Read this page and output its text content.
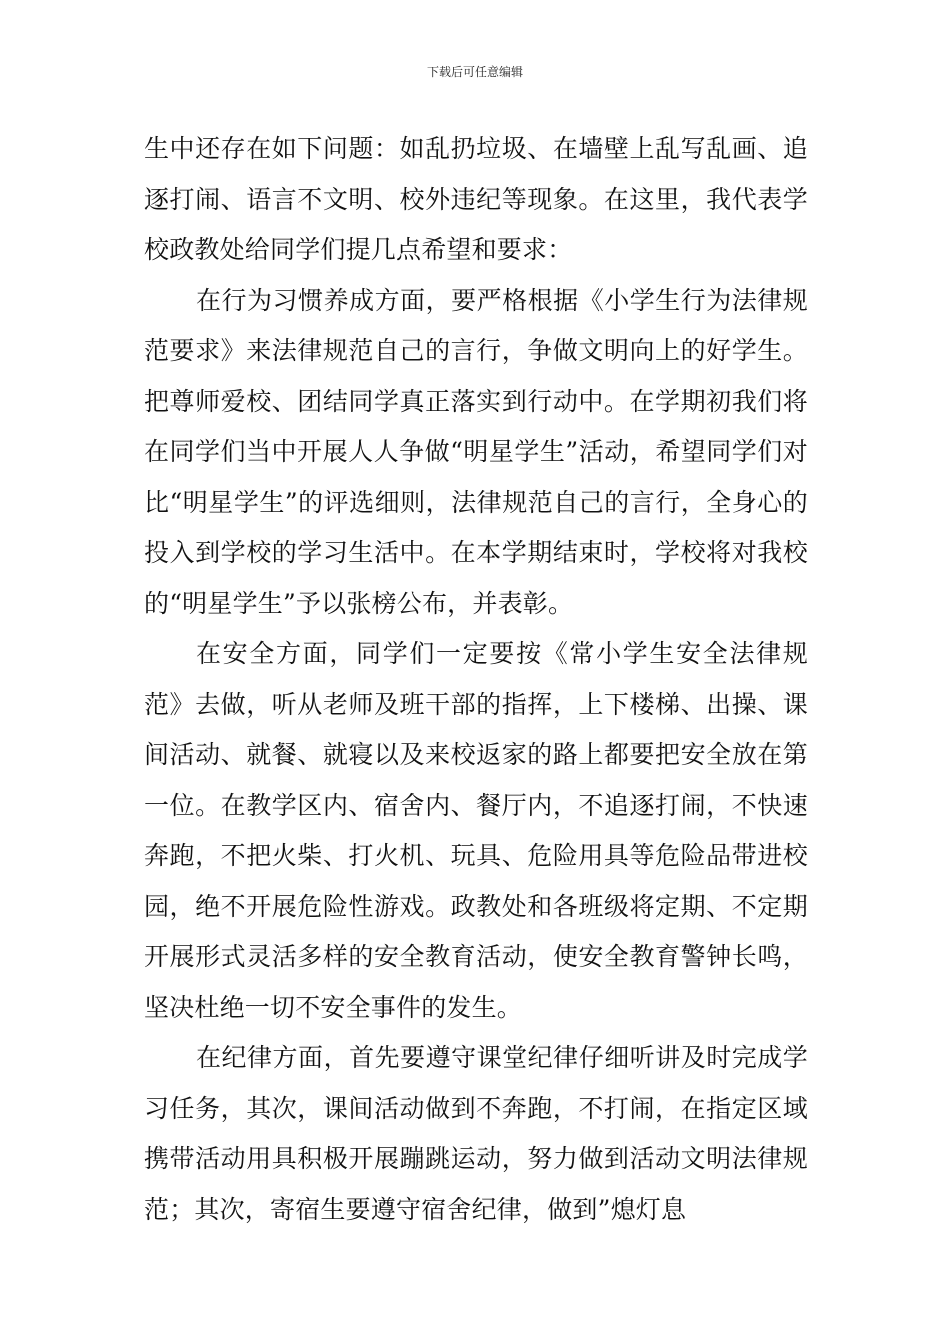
下载后可任意编辑

生中还存在如下问题：如乱扔垃圾、在墙壁上乱写乱画、追逐打闹、语言不文明、校外违纪等现象。在这里，我代表学校政教处给同学们提几点希望和要求：

在行为习惯养成方面，要严格根据《小学生行为法律规范要求》来法律规范自己的言行，争做文明向上的好学生。把尊师爱校、团结同学真正落实到行动中。在学期初我们将在同学们当中开展人人争做“明星学生”活动，希望同学们对比“明星学生”的评选细则，法律规范自己的言行，全身心的投入到学校的学习生活中。在本学期结束时，学校将对我校的“明星学生”予以张榜公布，并表彰。

在安全方面，同学们一定要按《常小学生安全法律规范》去做，听从老师及班干部的指挥，上下楼梯、出操、课间活动、就餐、就寝以及来校返家的路上都要把安全放在第一位。在教学区内、宿舍内、餐厅内，不追逐打闹，不快速奔跑，不把火柴、打火机、玩具、危险用具等危险品带进校园，绝不开展危险性游戏。政教处和各班级将定期、不定期开展形式灵活多样的安全教育活动，使安全教育警钟长鸣，坚决杜绝一切不安全事件的发生。

在纪律方面，首先要遵守课堂纪律仔细听讲及时完成学习任务，其次，课间活动做到不奔跑，不打闹，在指定区域携带活动用具积极开展蹦跳运动，努力做到活动文明法律规范；其次，寄宿生要遵守宿舍纪律，做到”熄灯息
